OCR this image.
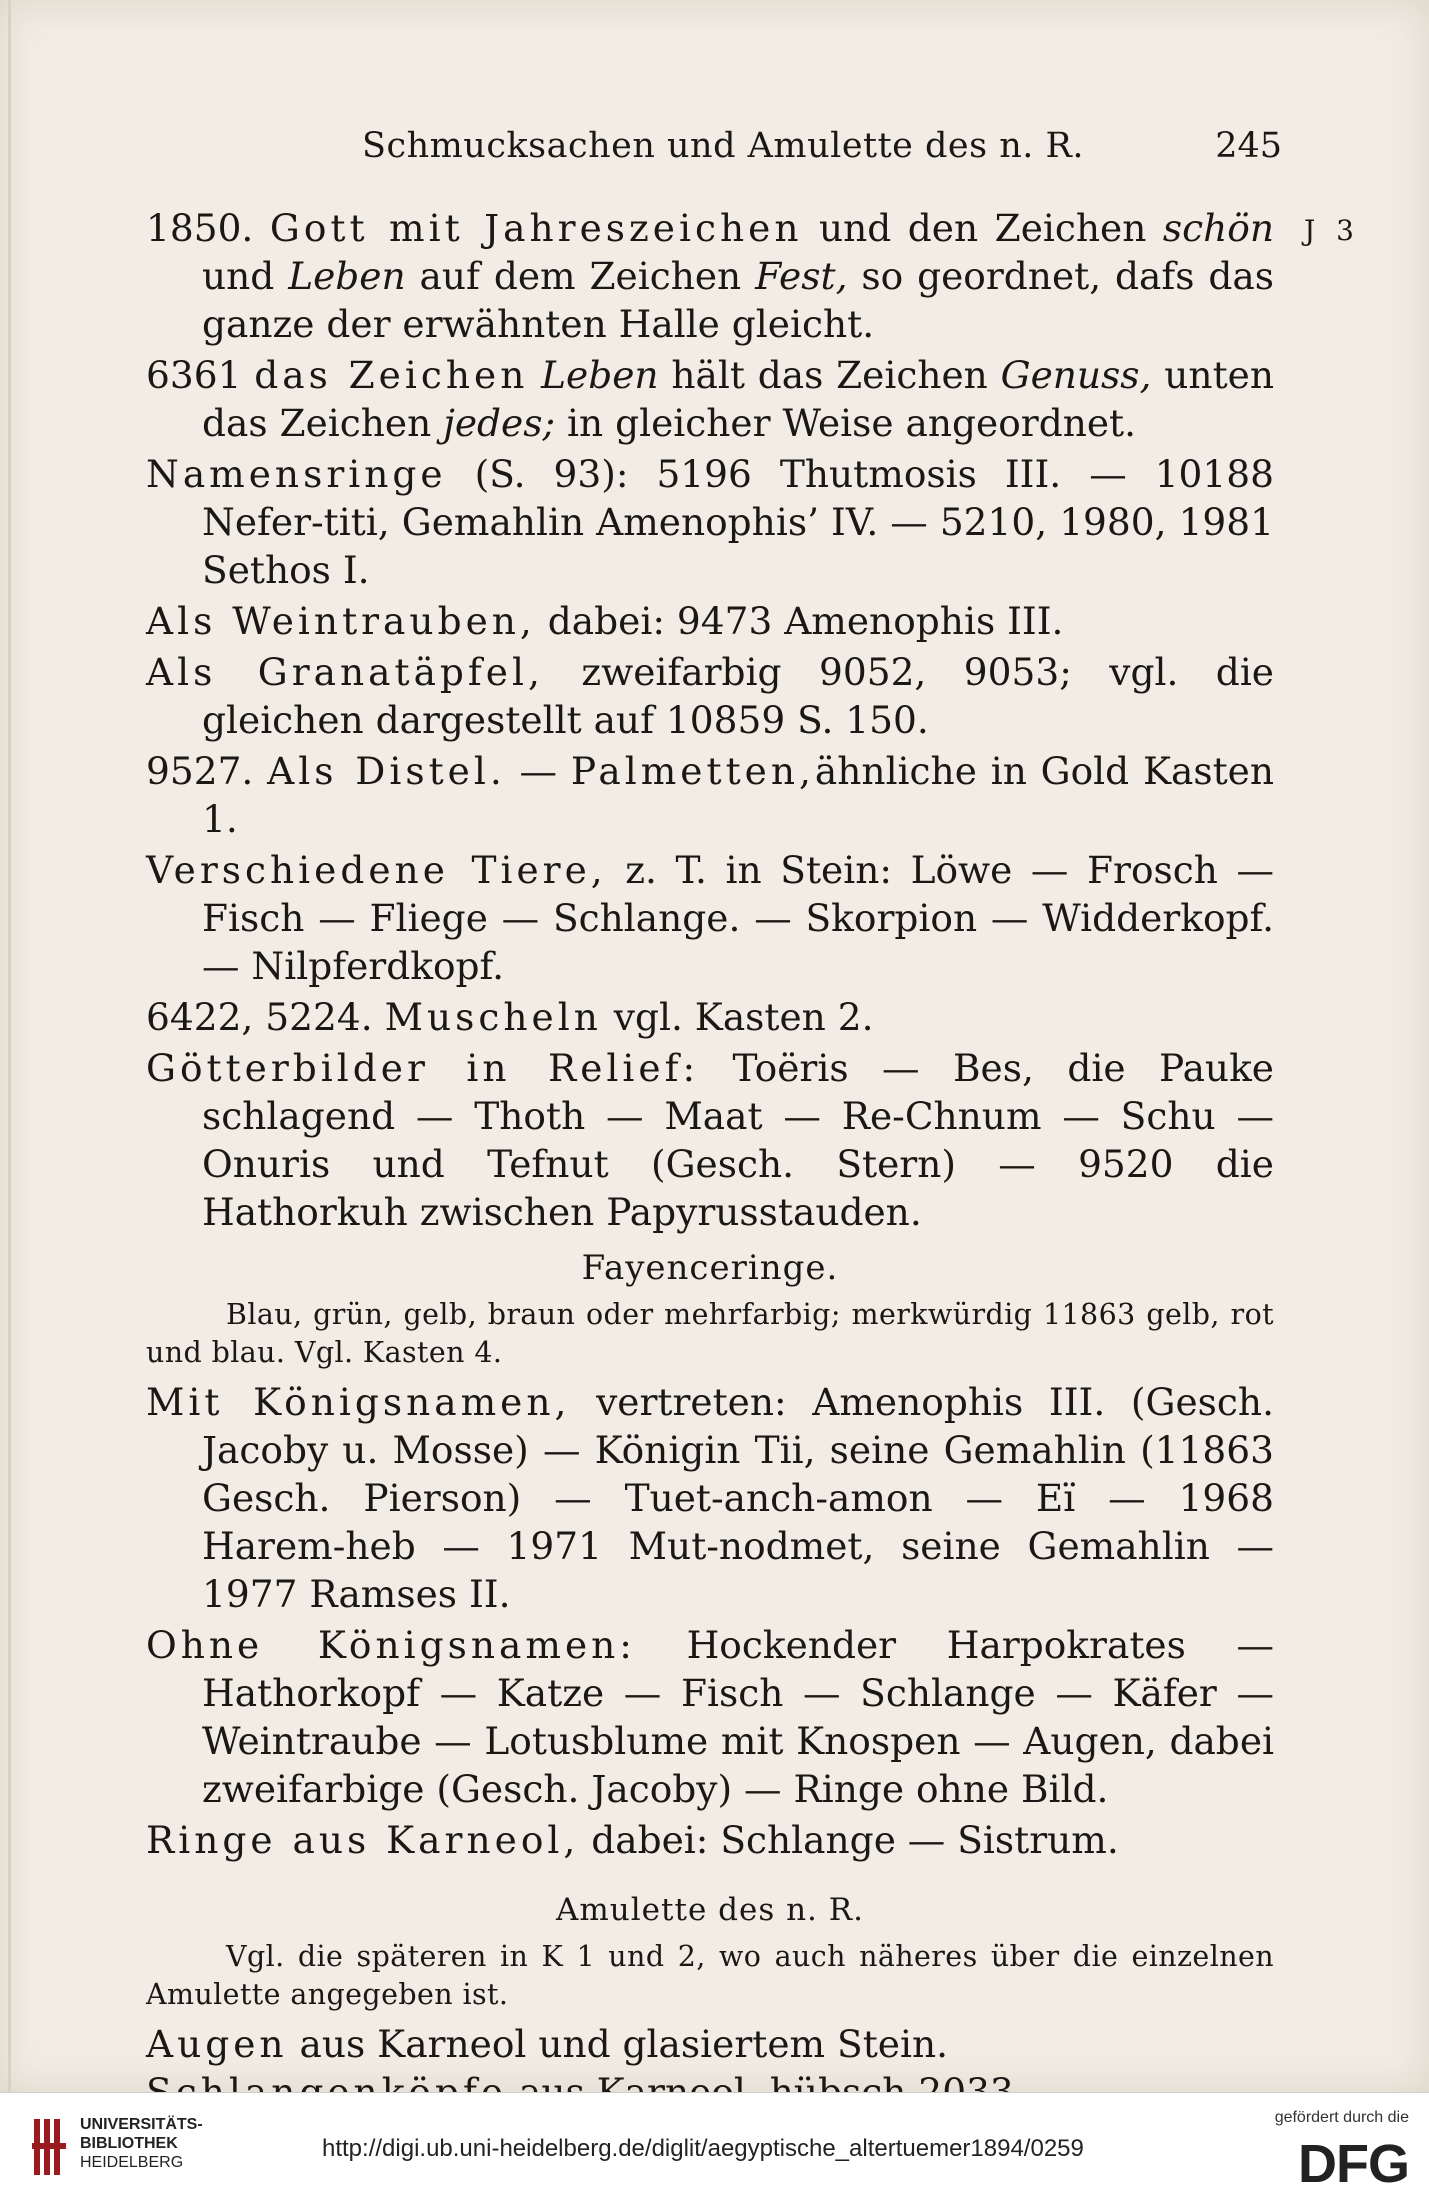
Schmucksachen und Amulette des n. R.	245
J 3

1850. Gott mit Jahreszeichen und den Zeichen schön und Leben auf dem Zeichen Fest, so geordnet, dafs das ganze der erwähnten Halle gleicht.

6361 das Zeichen Leben hält das Zeichen Genuss, unten das Zeichen jedes; in gleicher Weise angeordnet.

Namensringe (S. 93): 5196 Thutmosis III. — 10188 Nefer-titi, Gemahlin Amenophis’ IV. — 5210, 1980, 1981 Sethos I.

Als Weintrauben, dabei: 9473 Amenophis III.

Als Granatäpfel, zweifarbig 9052, 9053; vgl. die gleichen dargestellt auf 10859 S. 150.

9527. Als Distel. — Palmetten,ähnliche in Gold Kasten 1.

Verschiedene Tiere, z. T. in Stein: Löwe — Frosch — Fisch — Fliege — Schlange. — Skorpion — Widderkopf. — Nilpferdkopf.

6422, 5224. Muscheln vgl. Kasten 2.

Götterbilder in Relief: Toëris — Bes, die Pauke schlagend — Thoth — Maat — Re-Chnum — Schu — Onuris und Tefnut (Gesch. Stern) — 9520 die Hathorkuh zwischen Papyrusstauden.

Fayenceringe.

Blau, grün, gelb, braun oder mehrfarbig; merkwürdig 11863 gelb, rot und blau. Vgl. Kasten 4.

Mit Königsnamen, vertreten: Amenophis III. (Gesch. Jacoby u. Mosse) — Königin Tii, seine Gemahlin (11863 Gesch. Pierson) — Tuet-anch-amon — Eï — 1968 Harem-heb — 1971 Mut-nodmet, seine Gemahlin — 1977 Ramses II.

Ohne Königsnamen: Hockender Harpokrates — Hathorkopf — Katze — Fisch — Schlange — Käfer — Weintraube — Lotusblume mit Knospen — Augen, dabei zweifarbige (Gesch. Jacoby) — Ringe ohne Bild.

Ringe aus Karneol, dabei: Schlange — Sistrum.

Amulette des n. R.

Vgl. die späteren in K 1 und 2, wo auch näheres über die einzelnen Amulette angegeben ist.

Augen aus Karneol und glasiertem Stein.

UNIVERSITÄTS-
BIBLIOTHEK
HEIDELBERG
http://digi.ub.uni-heidelberg.de/diglit/aegyptische_altertuemer1894/0259
gefördert durch die
DFG
